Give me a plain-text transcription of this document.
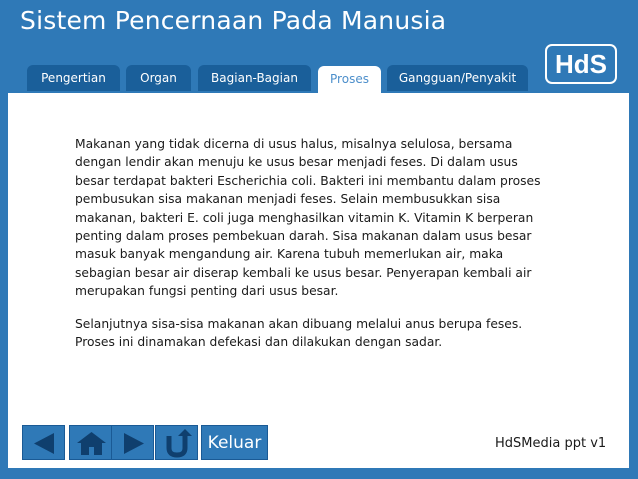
Sistem Pencernaan Pada Manusia
HdS
Pengertian	Organ	Bagian-Bagian	Proses	Gangguan/Penyakit

Makanan yang tidak dicerna di usus halus, misalnya selulosa, bersama dengan lendir akan menuju ke usus besar menjadi feses. Di dalam usus besar terdapat bakteri Escherichia coli. Bakteri ini membantu dalam proses pembusukan sisa makanan menjadi feses. Selain membusukkan sisa makanan, bakteri E. coli juga menghasilkan vitamin K. Vitamin K berperan penting dalam proses pembekuan darah. Sisa makanan dalam usus besar masuk banyak mengandung air. Karena tubuh memerlukan air, maka sebagian besar air diserap kembali ke usus besar. Penyerapan kembali air merupakan fungsi penting dari usus besar.

Selanjutnya sisa-sisa makanan akan dibuang melalui anus berupa feses. Proses ini dinamakan defekasi dan dilakukan dengan sadar.

Keluar	HdSMedia ppt v1
